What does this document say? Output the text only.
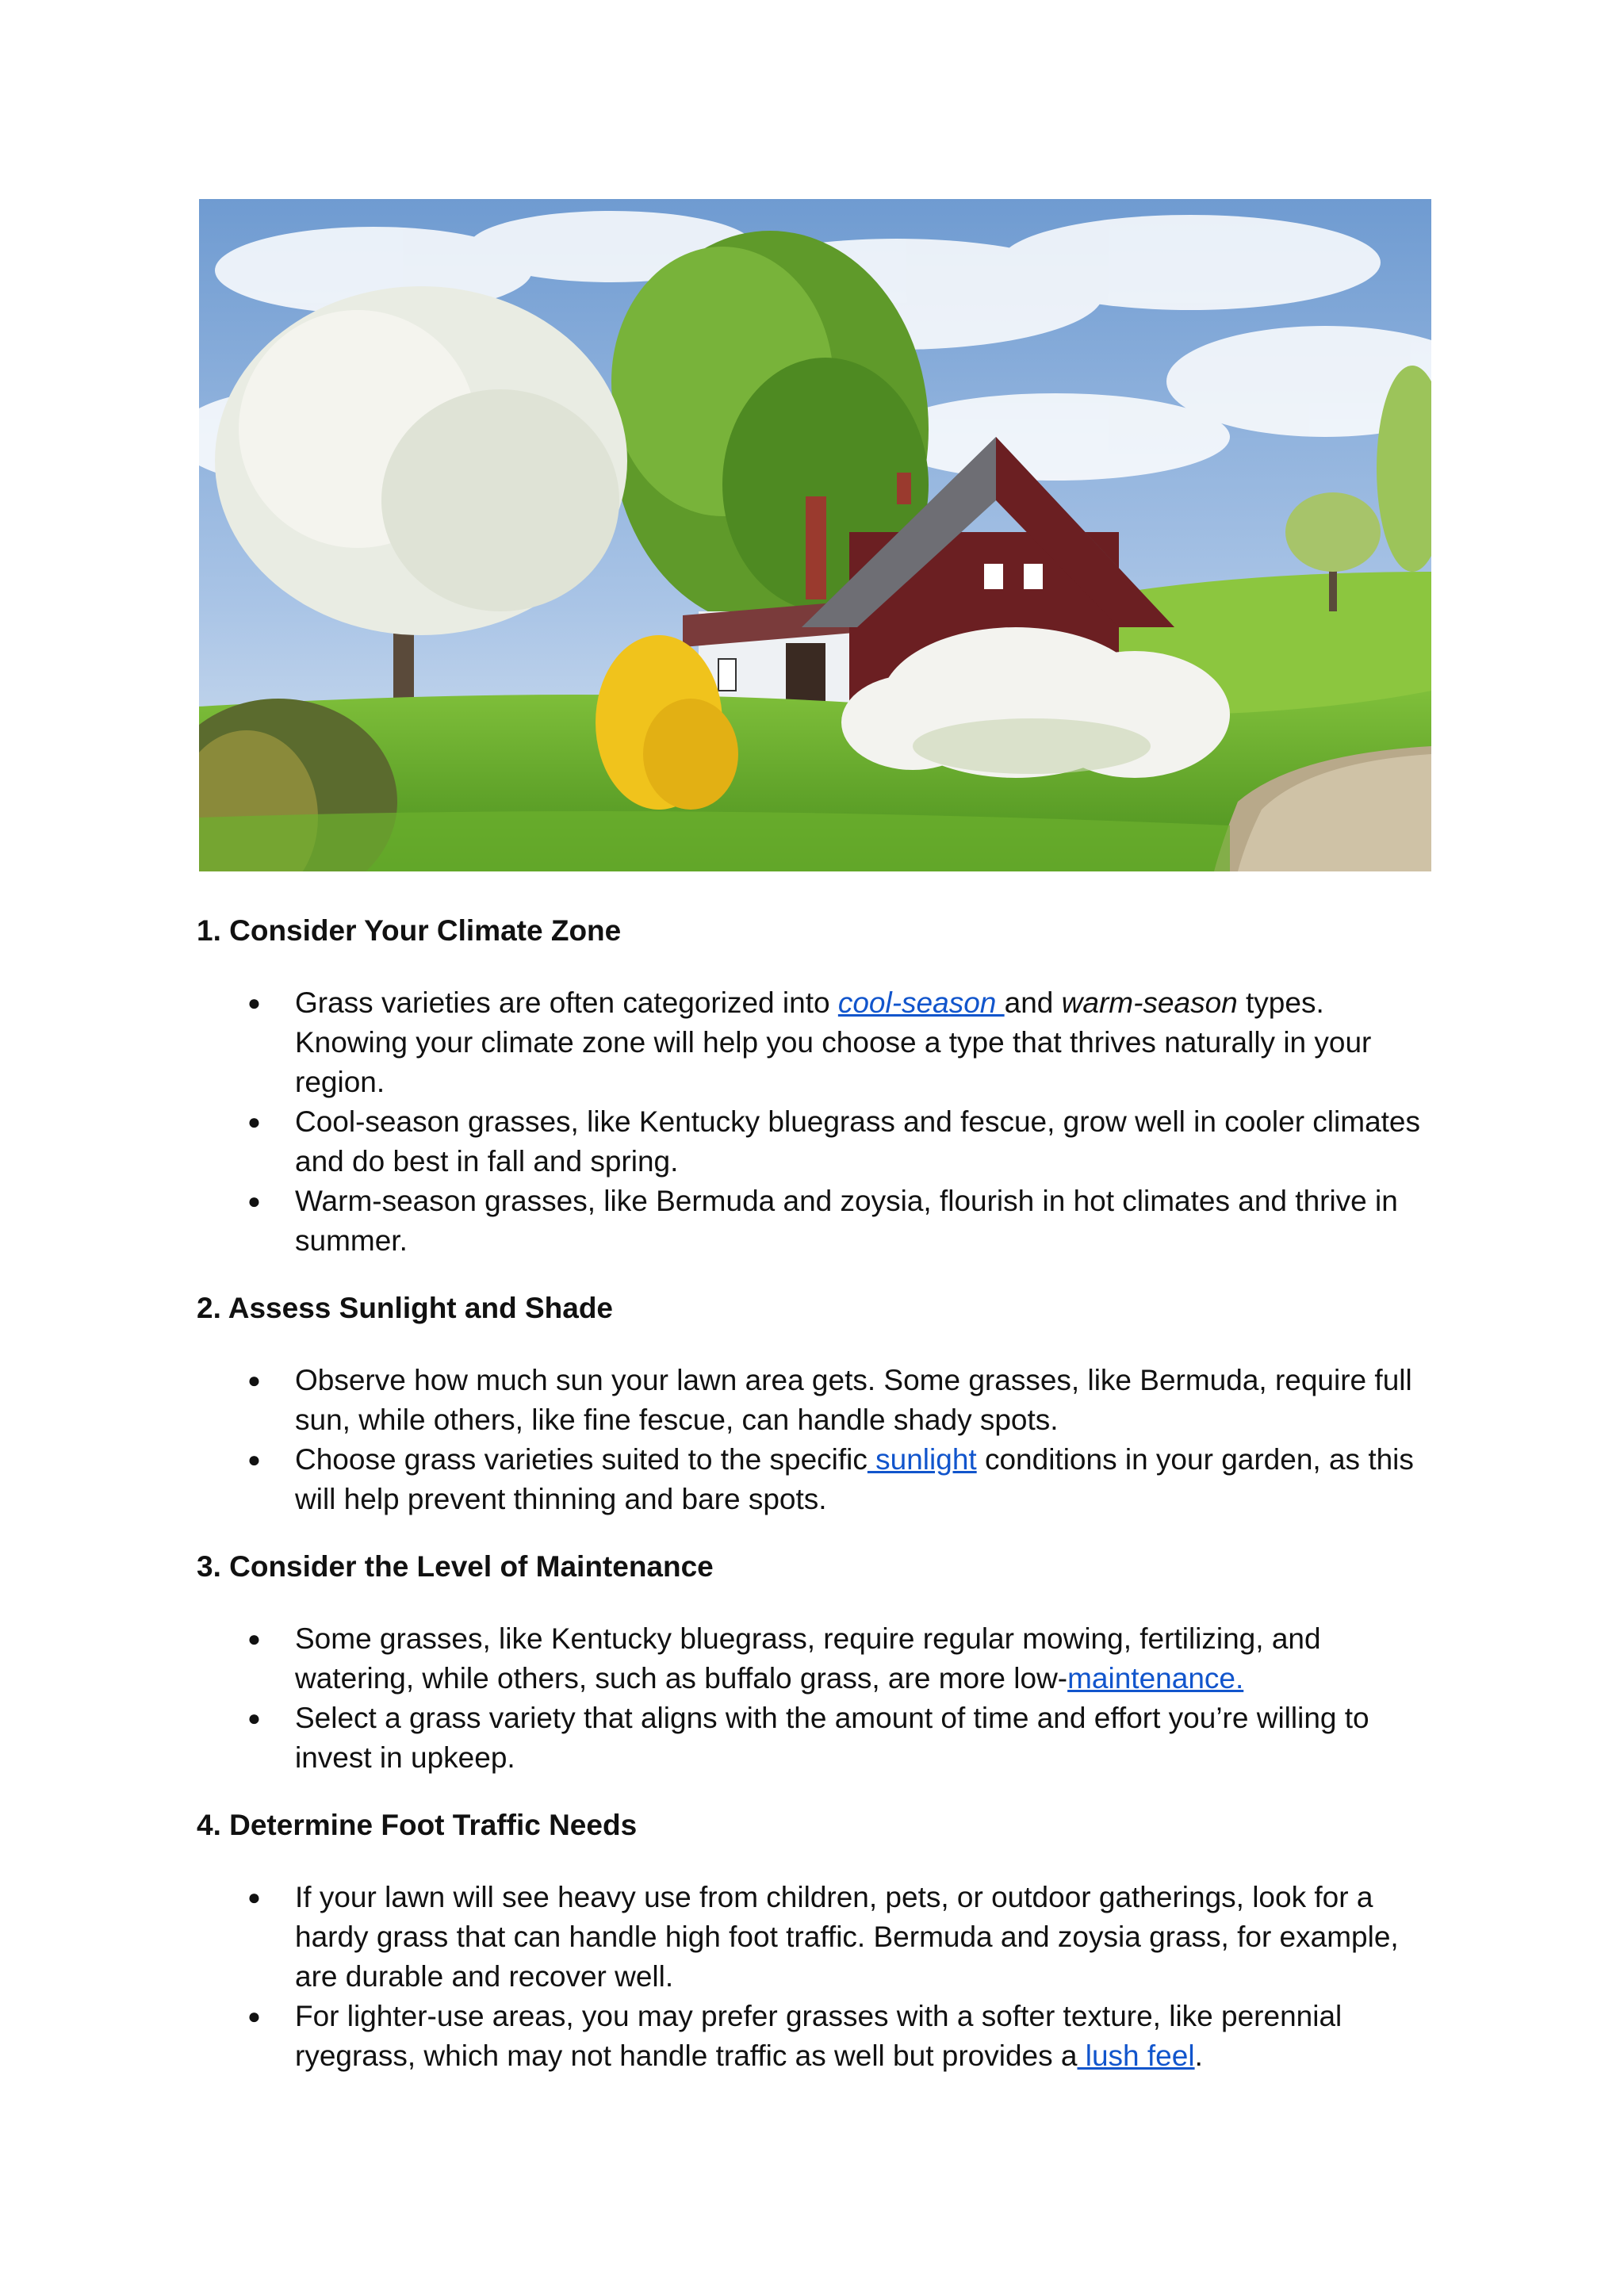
1. Consider Your Climate Zone
● Grass varieties are often categorized into cool-season and warm-season types. Knowing your climate zone will help you choose a type that thrives naturally in your region.
● Cool-season grasses, like Kentucky bluegrass and fescue, grow well in cooler climates and do best in fall and spring.
● Warm-season grasses, like Bermuda and zoysia, flourish in hot climates and thrive in summer.
2. Assess Sunlight and Shade
● Observe how much sun your lawn area gets. Some grasses, like Bermuda, require full sun, while others, like fine fescue, can handle shady spots.
● Choose grass varieties suited to the specific sunlight conditions in your garden, as this will help prevent thinning and bare spots.
3. Consider the Level of Maintenance
● Some grasses, like Kentucky bluegrass, require regular mowing, fertilizing, and watering, while others, such as buffalo grass, are more low-maintenance.
● Select a grass variety that aligns with the amount of time and effort you’re willing to invest in upkeep.
4. Determine Foot Traffic Needs
● If your lawn will see heavy use from children, pets, or outdoor gatherings, look for a hardy grass that can handle high foot traffic. Bermuda and zoysia grass, for example, are durable and recover well.
● For lighter-use areas, you may prefer grasses with a softer texture, like perennial ryegrass, which may not handle traffic as well but provides a lush feel.
